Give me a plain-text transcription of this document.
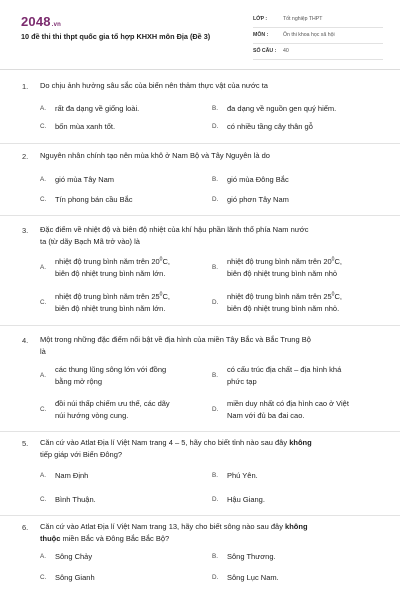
2048.vn
10 đề thi thi thpt quốc gia tổ hợp KHXH môn Địa (Đề 3)
LỚP :	Tốt nghiệp THPT
MÔN :	Ôn thi khoa học xã hội
SỐ CÂU : 40
1. Do chịu ảnh hưởng sâu sắc của biển nên thảm thực vật của nước ta
A. rất đa dạng về giống loài.	B. đa dạng về nguồn gen quý hiếm.
C. bốn mùa xanh tốt.	D. có nhiều tầng cây thân gỗ
2. Nguyên nhân chính tạo nên mùa khô ở Nam Bộ và Tây Nguyên là do
A. gió mùa Tây Nam	B. gió mùa Đông Bắc
C. Tín phong bán cầu Bắc	D. gió phơn Tây Nam
3. Đặc điểm về nhiệt độ và biên độ nhiệt của khí hậu phần lãnh thổ phía Nam nước
ta (từ dãy Bạch Mã trở vào) là
A.
nhiệt độ trung bình năm trên $20^0C$,
biên độ nhiệt trung bình năm lớn.
B.
nhiệt độ trung bình năm trên $20^0C$,
biên độ nhiệt trung bình năm nhỏ
C.
nhiệt độ trung bình năm trên $25^0C$,
biên độ nhiệt trung bình năm lớn.
D.
nhiệt độ trung bình năm trên $25^0C$,
biên độ nhiệt trung bình năm nhỏ.
4. Một trong những đặc điểm nổi bật về địa hình của miền Tây Bắc và Bắc Trung Bộ
là
A.
các thung lũng sông lớn với đồng
bằng mở rộng
B.
có cấu trúc địa chất – địa hình khá
phức tạp
C.
đồi núi thấp chiếm ưu thế, các dãy
núi hướng vòng cung.
D.
miền duy nhất có địa hình cao ở Việt
Nam với đủ ba đai cao.
5. Căn cứ vào Atlat Địa lí Việt Nam trang 4 – 5, hãy cho biết tỉnh nào sau đây không
tiếp giáp với Biển Đông?
A. Nam Định	B. Phú Yên.
C. Bình Thuận.	D. Hậu Giang.
6. Căn cứ vào Atlat Địa lí Việt Nam trang 13, hãy cho biết sông nào sau đây không
thuộc miền Bắc và Đông Bắc Bắc Bộ?
A. Sông Chảy	B. Sông Thương.
C. Sông Gianh	D. Sông Lục Nam.
